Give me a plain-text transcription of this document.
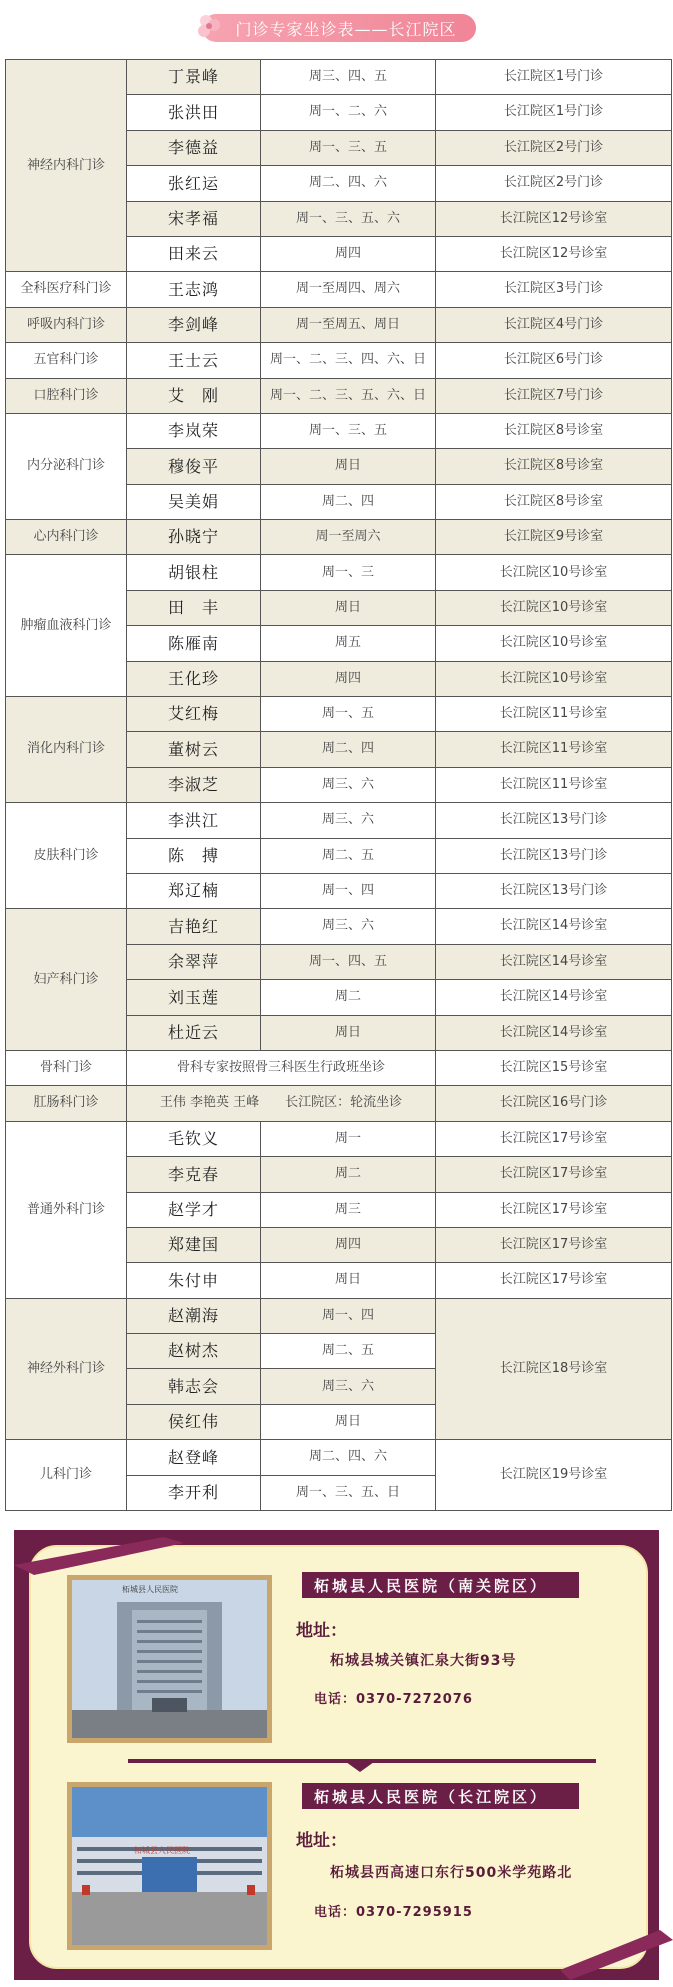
门诊专家坐诊表——长江院区
神经内科门诊	丁景峰	周三、四、五	长江院区1号门诊
	张洪田	周一、二、六	长江院区1号门诊
	李德益	周一、三、五	长江院区2号门诊
	张红运	周二、四、六	长江院区2号门诊
	宋孝福	周一、三、五、六	长江院区12号诊室
	田来云	周四	长江院区12号诊室
全科医疗科门诊	王志鸿	周一至周四、周六	长江院区3号门诊
呼吸内科门诊	李剑峰	周一至周五、周日	长江院区4号门诊
五官科门诊	王士云	周一、二、三、四、六、日	长江院区6号门诊
口腔科门诊	艾　刚	周一、二、三、五、六、日	长江院区7号门诊
内分泌科门诊	李岚荣	周一、三、五	长江院区8号诊室
	穆俊平	周日	长江院区8号诊室
	吴美娟	周二、四	长江院区8号诊室
心内科门诊	孙晓宁	周一至周六	长江院区9号诊室
肿瘤血液科门诊	胡银柱	周一、三	长江院区10号诊室
	田　丰	周日	长江院区10号诊室
	陈雁南	周五	长江院区10号诊室
	王化珍	周四	长江院区10号诊室
消化内科门诊	艾红梅	周一、五	长江院区11号诊室
	董树云	周二、四	长江院区11号诊室
	李淑芝	周三、六	长江院区11号诊室
皮肤科门诊	李洪江	周三、六	长江院区13号门诊
	陈　搏	周二、五	长江院区13号门诊
	郑辽楠	周一、四	长江院区13号门诊
妇产科门诊	吉艳红	周三、六	长江院区14号诊室
	余翠萍	周一、四、五	长江院区14号诊室
	刘玉莲	周二	长江院区14号诊室
	杜近云	周日	长江院区14号诊室
骨科门诊	骨科专家按照骨三科医生行政班坐诊		长江院区15号诊室
肛肠科门诊	王伟 李艳英 王峰　　长江院区：轮流坐诊		长江院区16号门诊
普通外科门诊	毛钦义	周一	长江院区17号诊室
	李克春	周二	长江院区17号诊室
	赵学才	周三	长江院区17号诊室
	郑建国	周四	长江院区17号诊室
	朱付申	周日	长江院区17号诊室
神经外科门诊	赵潮海	周一、四	长江院区18号诊室
	赵树杰	周二、五	
	韩志会	周三、六	
	侯红伟	周日	
儿科门诊	赵登峰	周二、四、六	长江院区19号诊室
	李开利	周一、三、五、日	
柘城县人民医院
柘城县人民医院
柘城县人民医院（南关院区）
地址：
柘城县城关镇汇泉大街93号
电话：0370-7272076
柘城县人民医院（长江院区）
地址：
柘城县西高速口东行500米学苑路北
电话：0370-7295915
